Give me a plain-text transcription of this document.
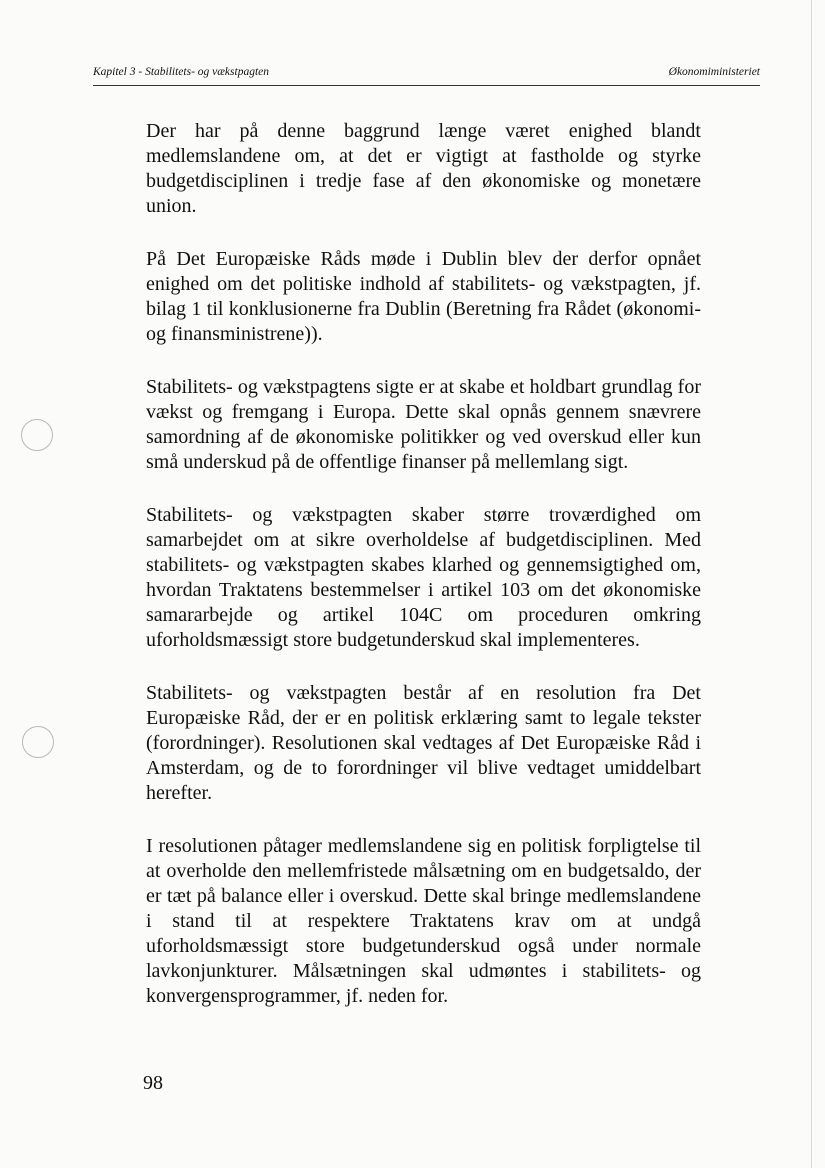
Kapitel 3 - Stabilitets- og vækstpagten	Økonomiministeriet

Der har på denne baggrund længe været enighed blandt medlemslandene om, at det er vigtigt at fastholde og styrke budgetdisciplinen i tredje fase af den økonomiske og monetære union.

På Det Europæiske Råds møde i Dublin blev der derfor opnået enighed om det politiske indhold af stabilitets- og vækstpagten, jf. bilag 1 til konklusionerne fra Dublin (Beretning fra Rådet (økonomi- og finansministrene)).

Stabilitets- og vækstpagtens sigte er at skabe et holdbart grundlag for vækst og fremgang i Europa. Dette skal opnås gennem snævrere samordning af de økonomiske politikker og ved overskud eller kun små underskud på de offentlige finanser på mellemlang sigt.

Stabilitets- og vækstpagten skaber større troværdighed om samarbejdet om at sikre overholdelse af budgetdisciplinen. Med stabilitets- og vækstpagten skabes klarhed og gennemsigtighed om, hvordan Traktatens bestemmelser i artikel 103 om det økonomiske samararbejde og artikel 104C om proceduren omkring uforholdsmæssigt store budgetunderskud skal implementeres.

Stabilitets- og vækstpagten består af en resolution fra Det Europæiske Råd, der er en politisk erklæring samt to legale tekster (forordninger). Resolutionen skal vedtages af Det Europæiske Råd i Amsterdam, og de to forordninger vil blive vedtaget umiddelbart herefter.

I resolutionen påtager medlemslandene sig en politisk forpligtelse til at overholde den mellemfristede målsætning om en budgetsaldo, der er tæt på balance eller i overskud. Dette skal bringe medlemslandene i stand til at respektere Traktatens krav om at undgå uforholdsmæssigt store budgetunderskud også under normale lavkonjunkturer. Målsætningen skal udmøntes i stabilitets- og konvergensprogrammer, jf. neden for.

98
